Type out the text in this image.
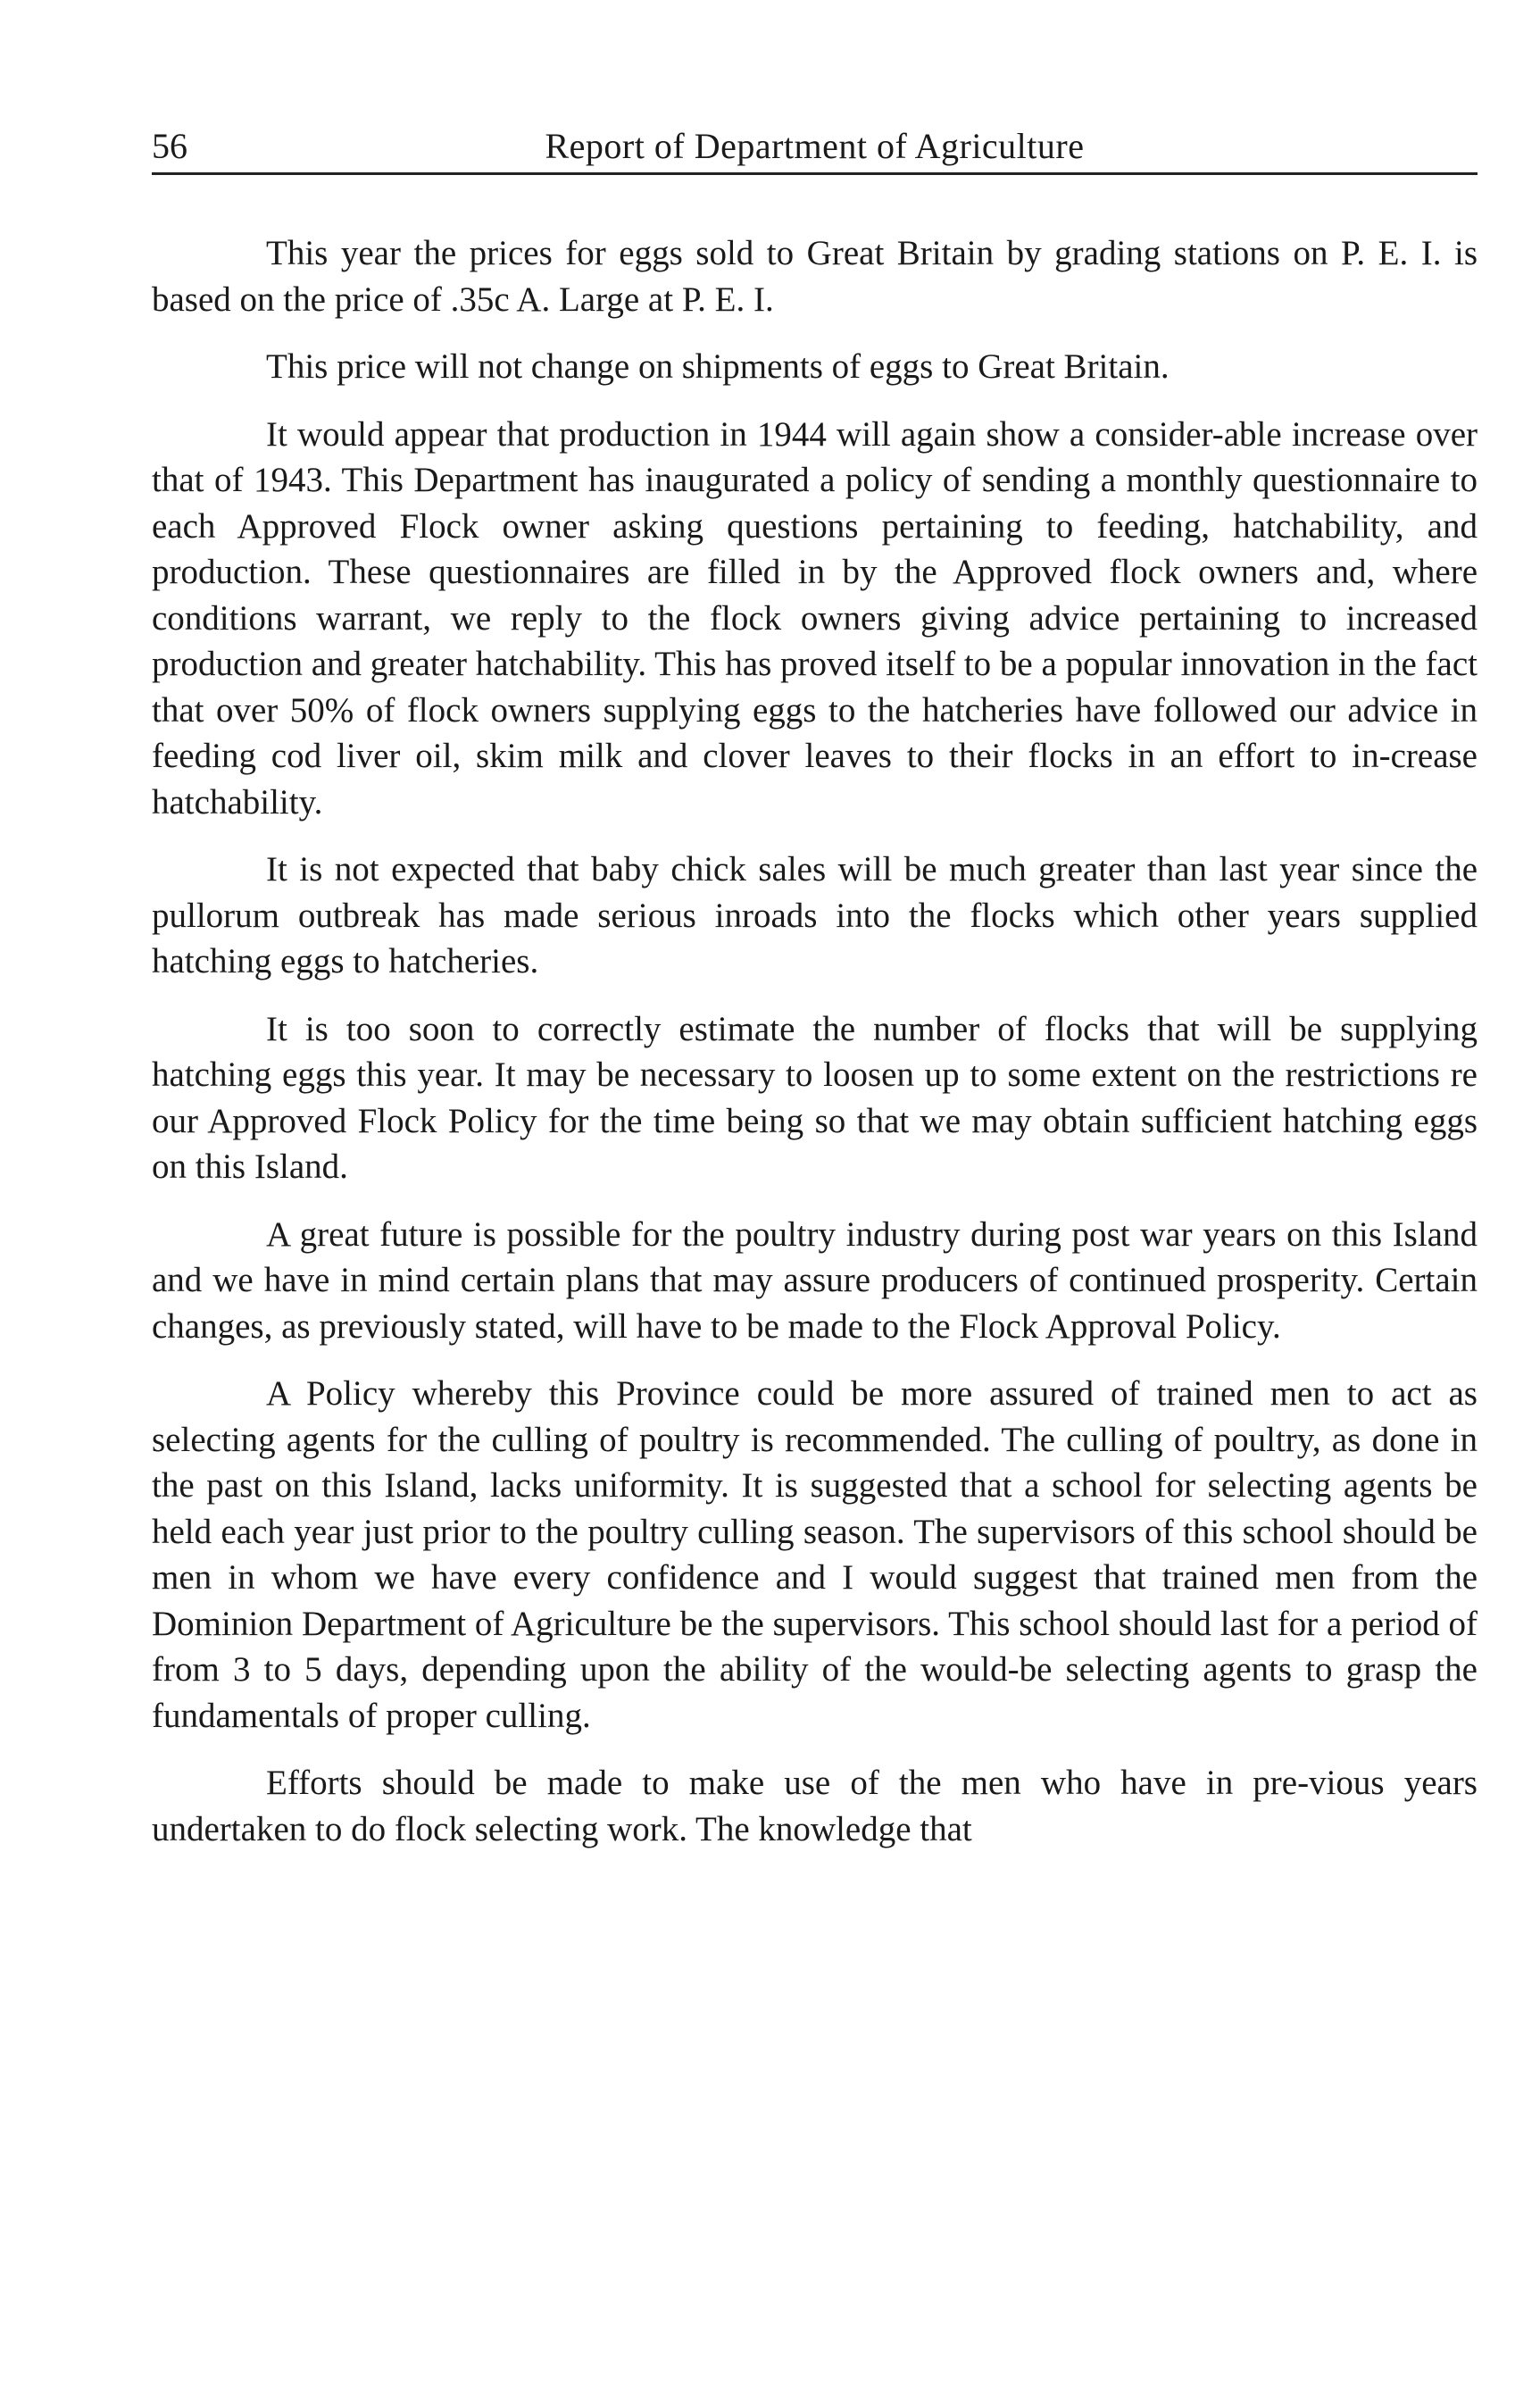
56	Report of Department of Agriculture

This year the prices for eggs sold to Great Britain by grading stations on P. E. I. is based on the price of .35c A. Large at P. E. I.

This price will not change on shipments of eggs to Great Britain.

It would appear that production in 1944 will again show a consider-able increase over that of 1943. This Department has inaugurated a policy of sending a monthly questionnaire to each Approved Flock owner asking questions pertaining to feeding, hatchability, and production. These questionnaires are filled in by the Approved flock owners and, where conditions warrant, we reply to the flock owners giving advice pertaining to increased production and greater hatchability. This has proved itself to be a popular innovation in the fact that over 50% of flock owners supplying eggs to the hatcheries have followed our advice in feeding cod liver oil, skim milk and clover leaves to their flocks in an effort to in-crease hatchability.

It is not expected that baby chick sales will be much greater than last year since the pullorum outbreak has made serious inroads into the flocks which other years supplied hatching eggs to hatcheries.

It is too soon to correctly estimate the number of flocks that will be supplying hatching eggs this year. It may be necessary to loosen up to some extent on the restrictions re our Approved Flock Policy for the time being so that we may obtain sufficient hatching eggs on this Island.

A great future is possible for the poultry industry during post war years on this Island and we have in mind certain plans that may assure producers of continued prosperity. Certain changes, as previously stated, will have to be made to the Flock Approval Policy.

A Policy whereby this Province could be more assured of trained men to act as selecting agents for the culling of poultry is recommended. The culling of poultry, as done in the past on this Island, lacks uniformity. It is suggested that a school for selecting agents be held each year just prior to the poultry culling season. The supervisors of this school should be men in whom we have every confidence and I would suggest that trained men from the Dominion Department of Agriculture be the supervisors. This school should last for a period of from 3 to 5 days, depending upon the ability of the would-be selecting agents to grasp the fundamentals of proper culling.

Efforts should be made to make use of the men who have in pre-vious years undertaken to do flock selecting work. The knowledge that
